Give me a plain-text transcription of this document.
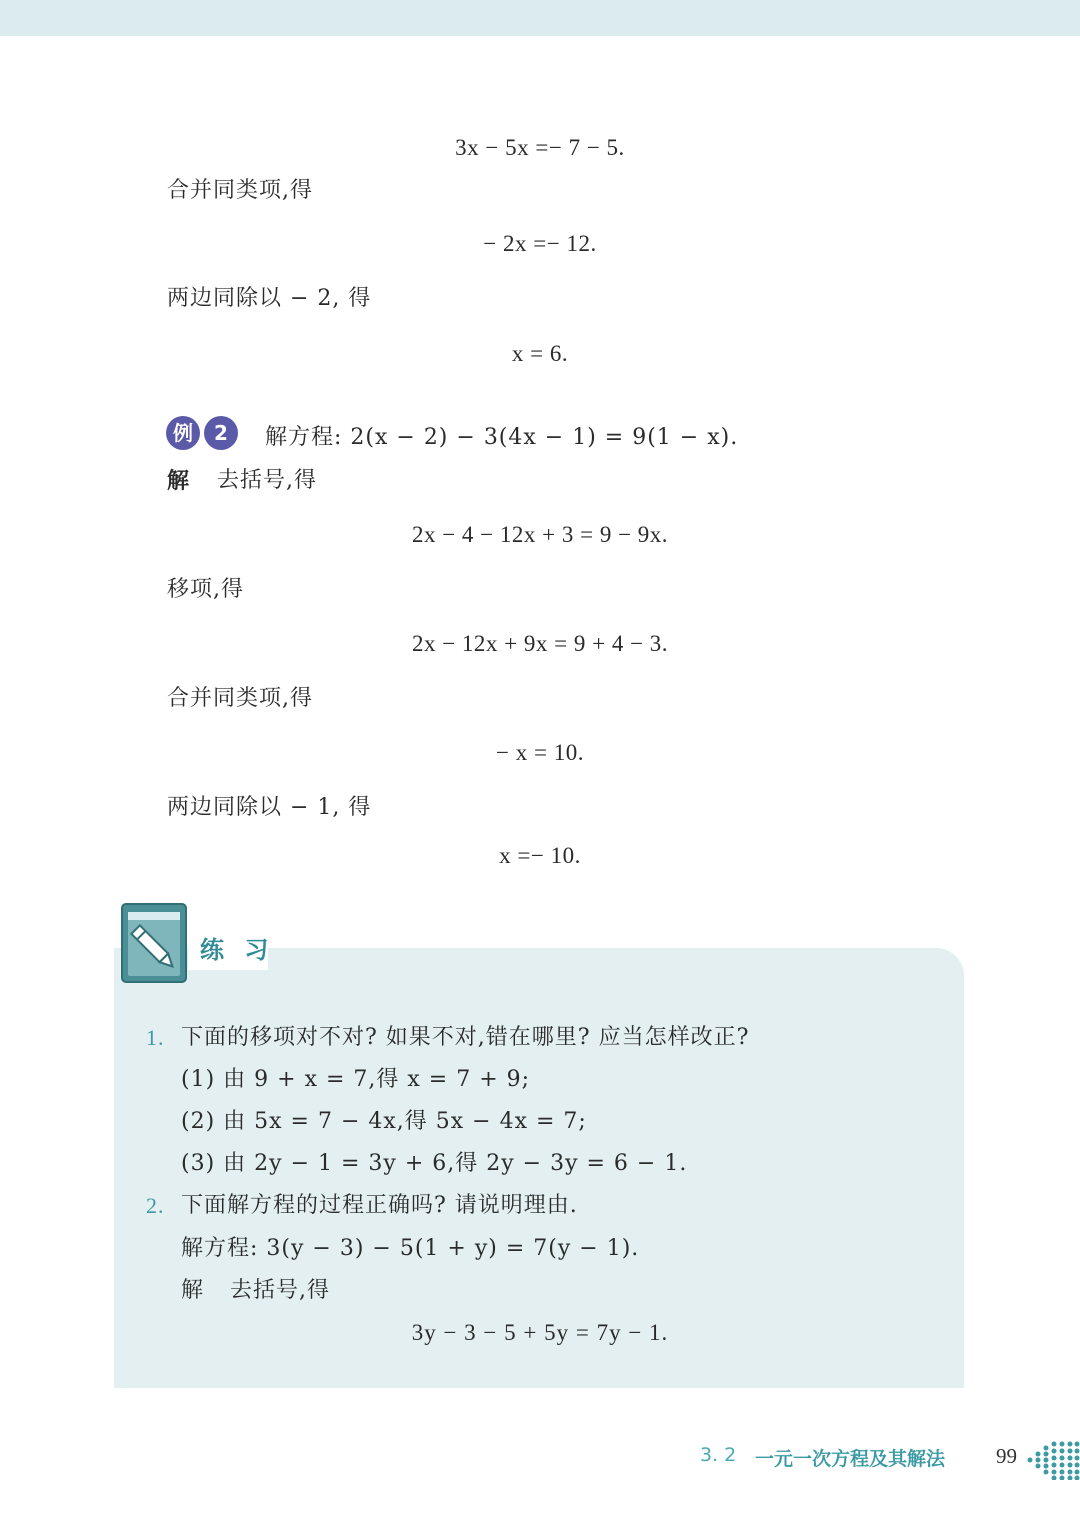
3x − 5x =− 7 − 5.
合并同类项,得
− 2x =− 12.
两边同除以 − 2, 得
x = 6.
例	2	解方程: 2(x − 2) − 3(4x − 1) = 9(1 − x).
解 去括号,得
2x − 4 − 12x + 3 = 9 − 9x.
移项,得
2x − 12x + 9x = 9 + 4 − 3.
合并同类项,得
− x = 10.
两边同除以 − 1, 得
x =− 10.
练 习
1. 下面的移项对不对? 如果不对,错在哪里? 应当怎样改正?
(1) 由 9 + x = 7,得 x = 7 + 9;
(2) 由 5x = 7 − 4x,得 5x − 4x = 7;
(3) 由 2y − 1 = 3y + 6,得 2y − 3y = 6 − 1.
2. 下面解方程的过程正确吗? 请说明理由.
解方程: 3(y − 3) − 5(1 + y) = 7(y − 1).
解 去括号,得
3y − 3 − 5 + 5y = 7y − 1.
3. 2 一元一次方程及其解法 99
